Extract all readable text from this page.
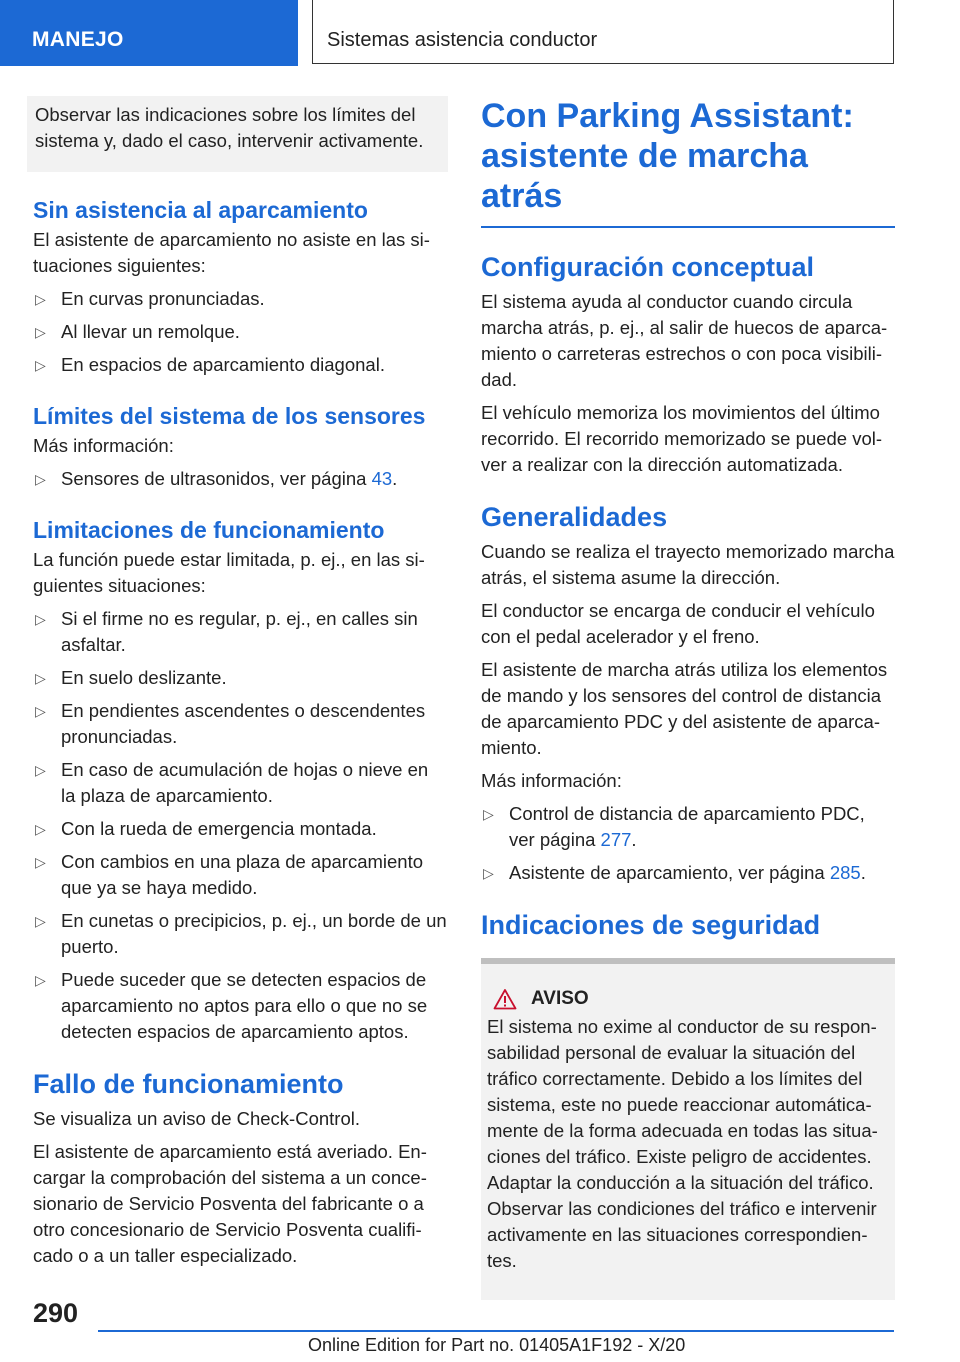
MANEJO	Sistemas asistencia conductor
Observar las indicaciones sobre los límites del sistema y, dado el caso, intervenir activamente.
Sin asistencia al aparcamiento

El asistente de aparcamiento no asiste en las situaciones siguientes:

▷ En curvas pronunciadas.
▷ Al llevar un remolque.
▷ En espacios de aparcamiento diagonal.
Límites del sistema de los sensores

Más información:

▷ Sensores de ultrasonidos, ver página 43.
Limitaciones de funcionamiento

La función puede estar limitada, p. ej., en las siguientes situaciones:

▷ Si el firme no es regular, p. ej., en calles sin asfaltar.
▷ En suelo deslizante.
▷ En pendientes ascendentes o descendentes pronunciadas.
▷ En caso de acumulación de hojas o nieve en la plaza de aparcamiento.
▷ Con la rueda de emergencia montada.
▷ Con cambios en una plaza de aparcamiento que ya se haya medido.
▷ En cunetas o precipicios, p. ej., un borde de un puerto.
▷ Puede suceder que se detecten espacios de aparcamiento no aptos para ello o que no se detecten espacios de aparcamiento aptos.
Fallo de funcionamiento

Se visualiza un aviso de Check-Control.

El asistente de aparcamiento está averiado. Encargar la comprobación del sistema a un concesionario de Servicio Posventa del fabricante o a otro concesionario de Servicio Posventa cualificado o a un taller especializado.

Con Parking Assistant: asistente de marcha atrás
Configuración conceptual

El sistema ayuda al conductor cuando circula marcha atrás, p. ej., al salir de huecos de aparcamiento o carreteras estrechos o con poca visibilidad.

El vehículo memoriza los movimientos del último recorrido. El recorrido memorizado se puede volver a realizar con la dirección automatizada.

Generalidades

Cuando se realiza el trayecto memorizado marcha atrás, el sistema asume la dirección.

El conductor se encarga de conducir el vehículo con el pedal acelerador y el freno.

El asistente de marcha atrás utiliza los elementos de mando y los sensores del control de distancia de aparcamiento PDC y del asistente de aparcamiento.

Más información:

▷ Control de distancia de aparcamiento PDC, ver página 277.
▷ Asistente de aparcamiento, ver página 285.
Indicaciones de seguridad
AVISO

El sistema no exime al conductor de su responsabilidad personal de evaluar la situación del tráfico correctamente. Debido a los límites del sistema, este no puede reaccionar automáticamente de la forma adecuada en todas las situaciones del tráfico. Existe peligro de accidentes. Adaptar la conducción a la situación del tráfico. Observar las condiciones del tráfico e intervenir activamente en las situaciones correspondientes.

290
Online Edition for Part no. 01405A1F192 - X/20
